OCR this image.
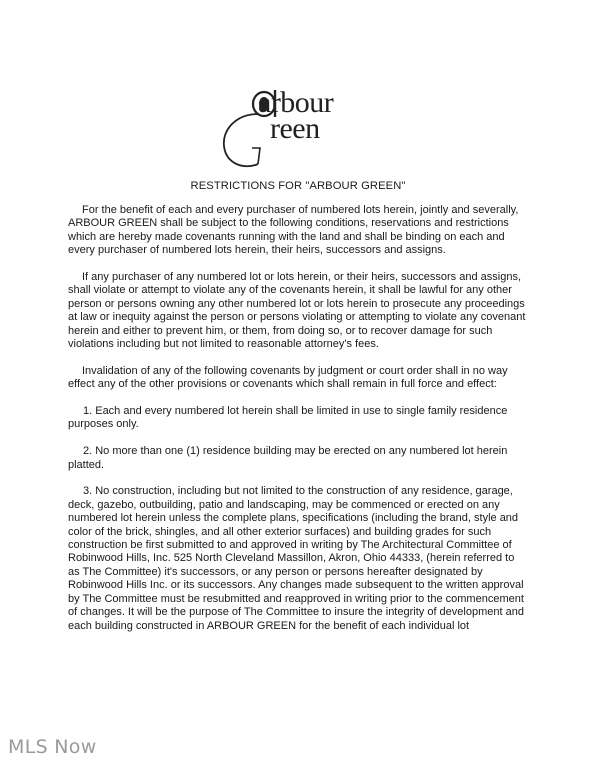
arbour
reen
RESTRICTIONS FOR "ARBOUR GREEN"

For the benefit of each and every purchaser of numbered lots herein, jointly and severally, ARBOUR GREEN shall be subject to the following conditions, reservations and restrictions which are hereby made covenants running with the land and shall be binding on each and every purchaser of numbered lots herein, their heirs, successors and assigns.

If any purchaser of any numbered lot or lots herein, or their heirs, successors and assigns, shall violate or attempt to violate any of the covenants herein, it shall be lawful for any other person or persons owning any other numbered lot or lots herein to prosecute any proceedings at law or inequity against the person or persons violating or attempting to violate any covenant herein and either to prevent him, or them, from doing so, or to recover damage for such violations including but not limited to reasonable attorney's fees.

Invalidation of any of the following covenants by judgment or court order shall in no way effect any of the other provisions or covenants which shall remain in full force and effect:

1. Each and every numbered lot herein shall be limited in use to single family residence purposes only.

2. No more than one (1) residence building may be erected on any numbered lot herein platted.

3. No construction, including but not limited to the construction of any residence, garage, deck, gazebo, outbuilding, patio and landscaping, may be commenced or erected on any numbered lot herein unless the complete plans, specifications (including the brand, style and color of the brick, shingles, and all other exterior surfaces) and building grades for such construction be first submitted to and approved in writing by The Architectural Committee of Robinwood Hills, Inc. 525 North Cleveland Massillon, Akron, Ohio 44333, (herein referred to as The Committee) it's successors, or any person or persons hereafter designated by Robinwood Hills Inc. or its successors. Any changes made subsequent to the written approval by The Committee must be resubmitted and reapproved in writing prior to the commencement of changes. It will be the purpose of The Committee to insure the integrity of development and each building constructed in ARBOUR GREEN for the benefit of each individual lot

MLS Now
